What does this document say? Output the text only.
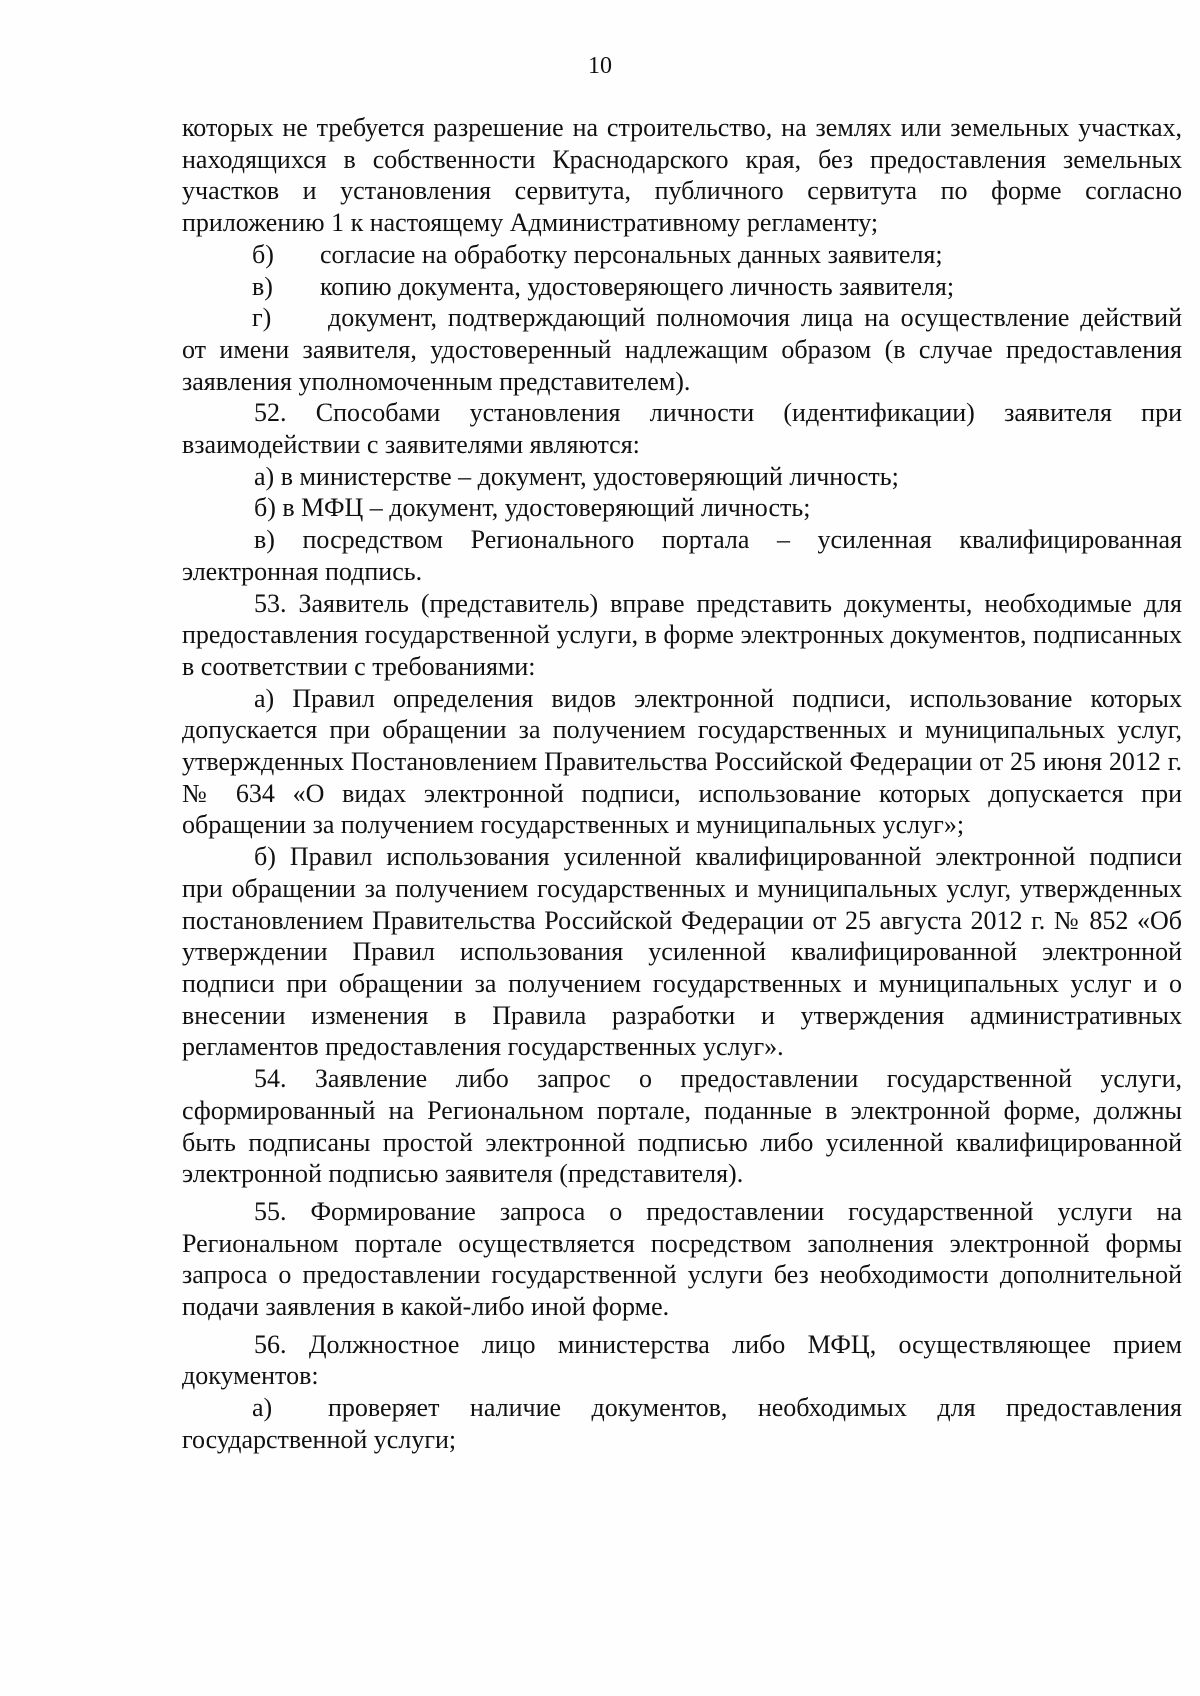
10

которых не требуется разрешение на строительство, на землях или земельных участках, находящихся в собственности Краснодарского края, без предоставления земельных участков и установления сервитута, публичного сервитута по форме согласно приложению 1 к настоящему Административному регламенту;

б)	согласие на обработку персональных данных заявителя;
в)	копию документа, удостоверяющего личность заявителя;

г) документ, подтверждающий полномочия лица на осуществление действий от имени заявителя, удостоверенный надлежащим образом (в случае предоставления заявления уполномоченным представителем).

52. Способами установления личности (идентификации) заявителя при взаимодействии с заявителями являются:

а) в министерстве – документ, удостоверяющий личность;

б) в МФЦ – документ, удостоверяющий личность;

в) посредством Регионального портала – усиленная квалифицированная электронная подпись.

53. Заявитель (представитель) вправе представить документы, необходимые для предоставления государственной услуги, в форме электронных документов, подписанных в соответствии с требованиями:

а) Правил определения видов электронной подписи, использование которых допускается при обращении за получением государственных и муниципальных услуг, утвержденных Постановлением Правительства Российской Федерации от 25 июня 2012 г. № 634 «О видах электронной подписи, использование которых допускается при обращении за получением государственных и муниципальных услуг»;

б) Правил использования усиленной квалифицированной электронной подписи при обращении за получением государственных и муниципальных услуг, утвержденных постановлением Правительства Российской Федерации от 25 августа 2012 г. № 852 «Об утверждении Правил использования усиленной квалифицированной электронной подписи при обращении за получением государственных и муниципальных услуг и о внесении изменения в Правила разработки и утверждения административных регламентов предоставления государственных услуг».

54. Заявление либо запрос о предоставлении государственной услуги, сформированный на Региональном портале, поданные в электронной форме, должны быть подписаны простой электронной подписью либо усиленной квалифицированной электронной подписью заявителя (представителя).

55. Формирование запроса о предоставлении государственной услуги на Региональном портале осуществляется посредством заполнения электронной формы запроса о предоставлении государственной услуги без необходимости дополнительной подачи заявления в какой-либо иной форме.

56. Должностное лицо министерства либо МФЦ, осуществляющее прием документов:

а) проверяет наличие документов, необходимых для предоставления государственной услуги;
